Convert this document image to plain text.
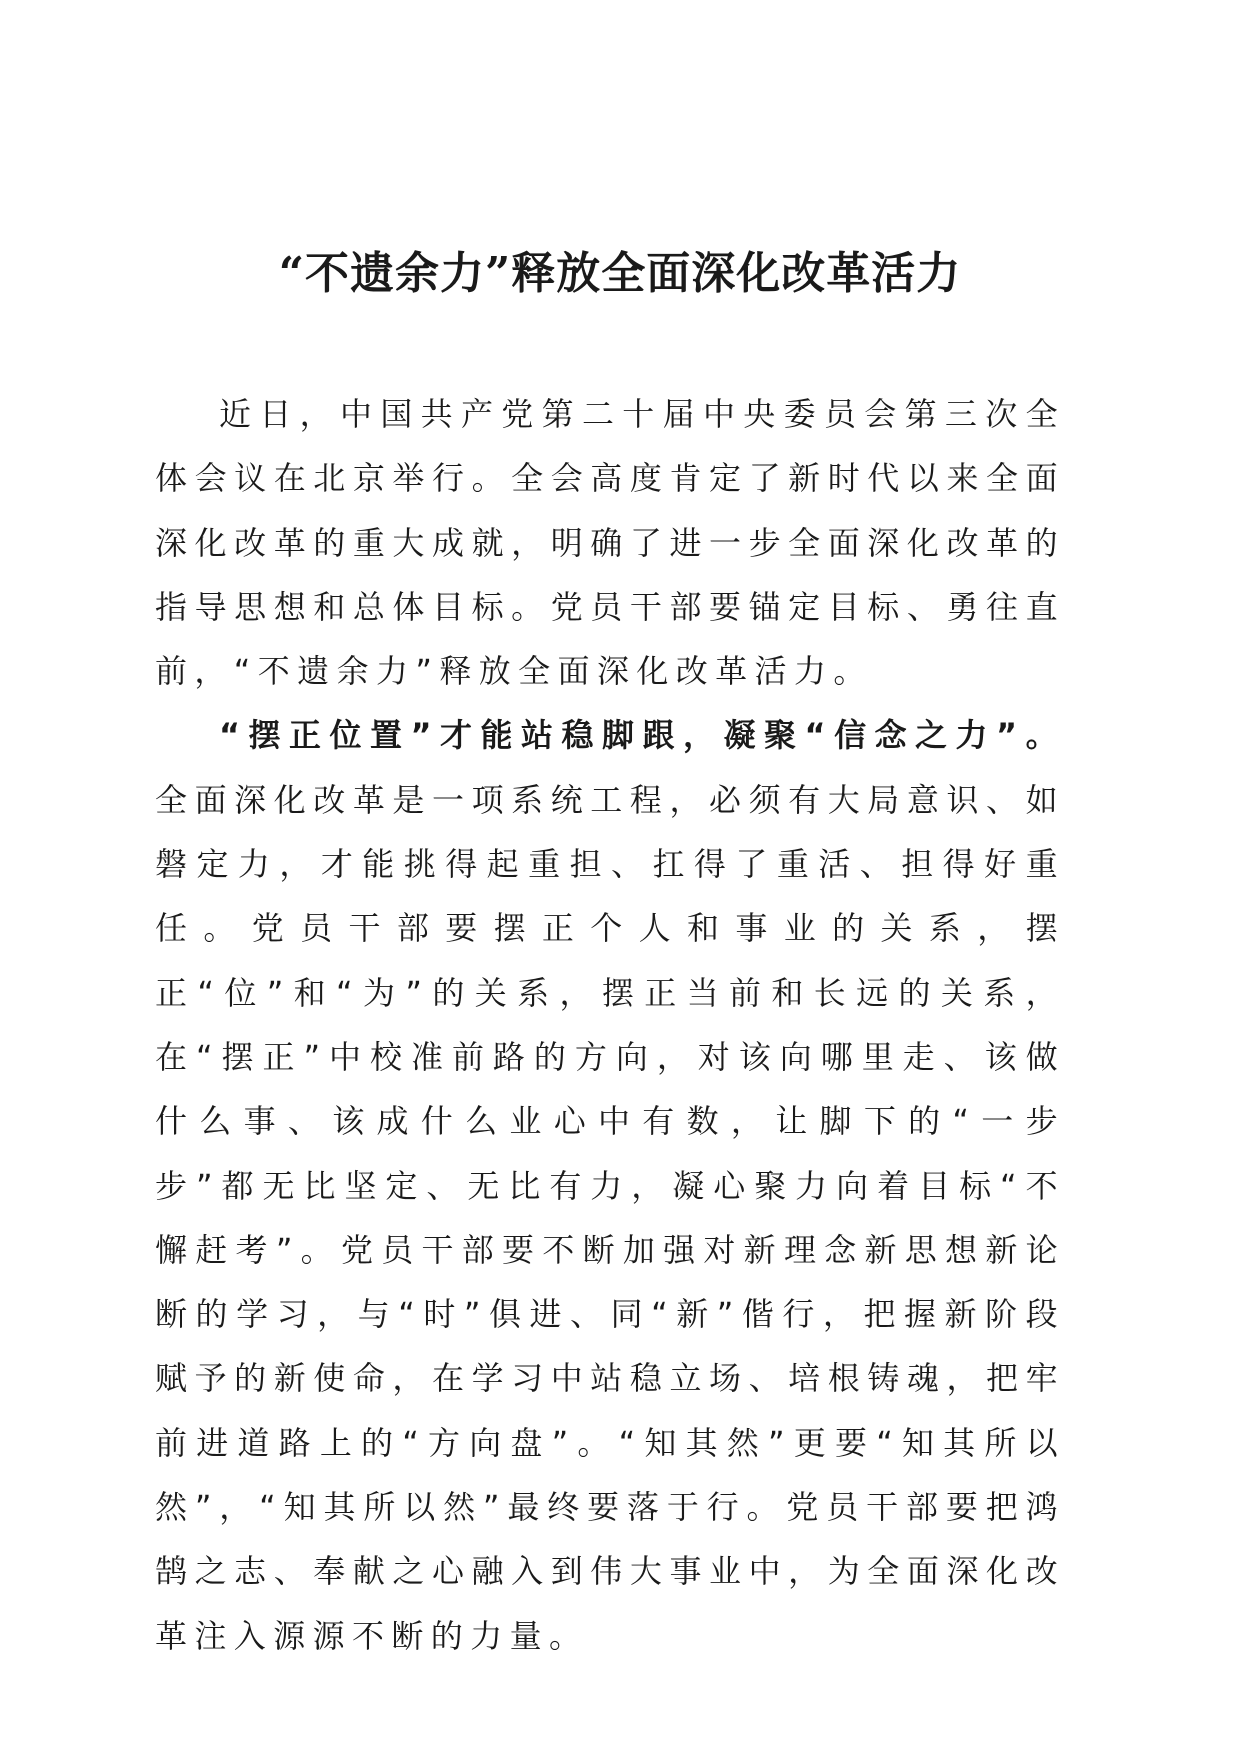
“不遗余力”释放全面深化改革活力

近日，中国共产党第二十届中央委员会第三次全体会议在北京举行。全会高度肯定了新时代以来全面深化改革的重大成就，明确了进一步全面深化改革的指导思想和总体目标。党员干部要锚定目标、勇往直前，“不遗余力”释放全面深化改革活力。

“摆正位置”才能站稳脚跟，凝聚“信念之力”。全面深化改革是一项系统工程，必须有大局意识、如磐定力，才能挑得起重担、扛得了重活、担得好重任。党员干部要摆正个人和事业的关系，摆正“位”和“为”的关系，摆正当前和长远的关系，在“摆正”中校准前路的方向，对该向哪里走、该做什么事、该成什么业心中有数，让脚下的“一步步”都无比坚定、无比有力，凝心聚力向着目标“不懈赶考”。党员干部要不断加强对新理念新思想新论断的学习，与“时”俱进、同“新”偕行，把握新阶段赋予的新使命，在学习中站稳立场、培根铸魂，把牢前进道路上的“方向盘”。“知其然”更要“知其所以然”，“知其所以然”最终要落于行。党员干部要把鸿鹄之志、奉献之心融入到伟大事业中，为全面深化改革注入源源不断的力量。
